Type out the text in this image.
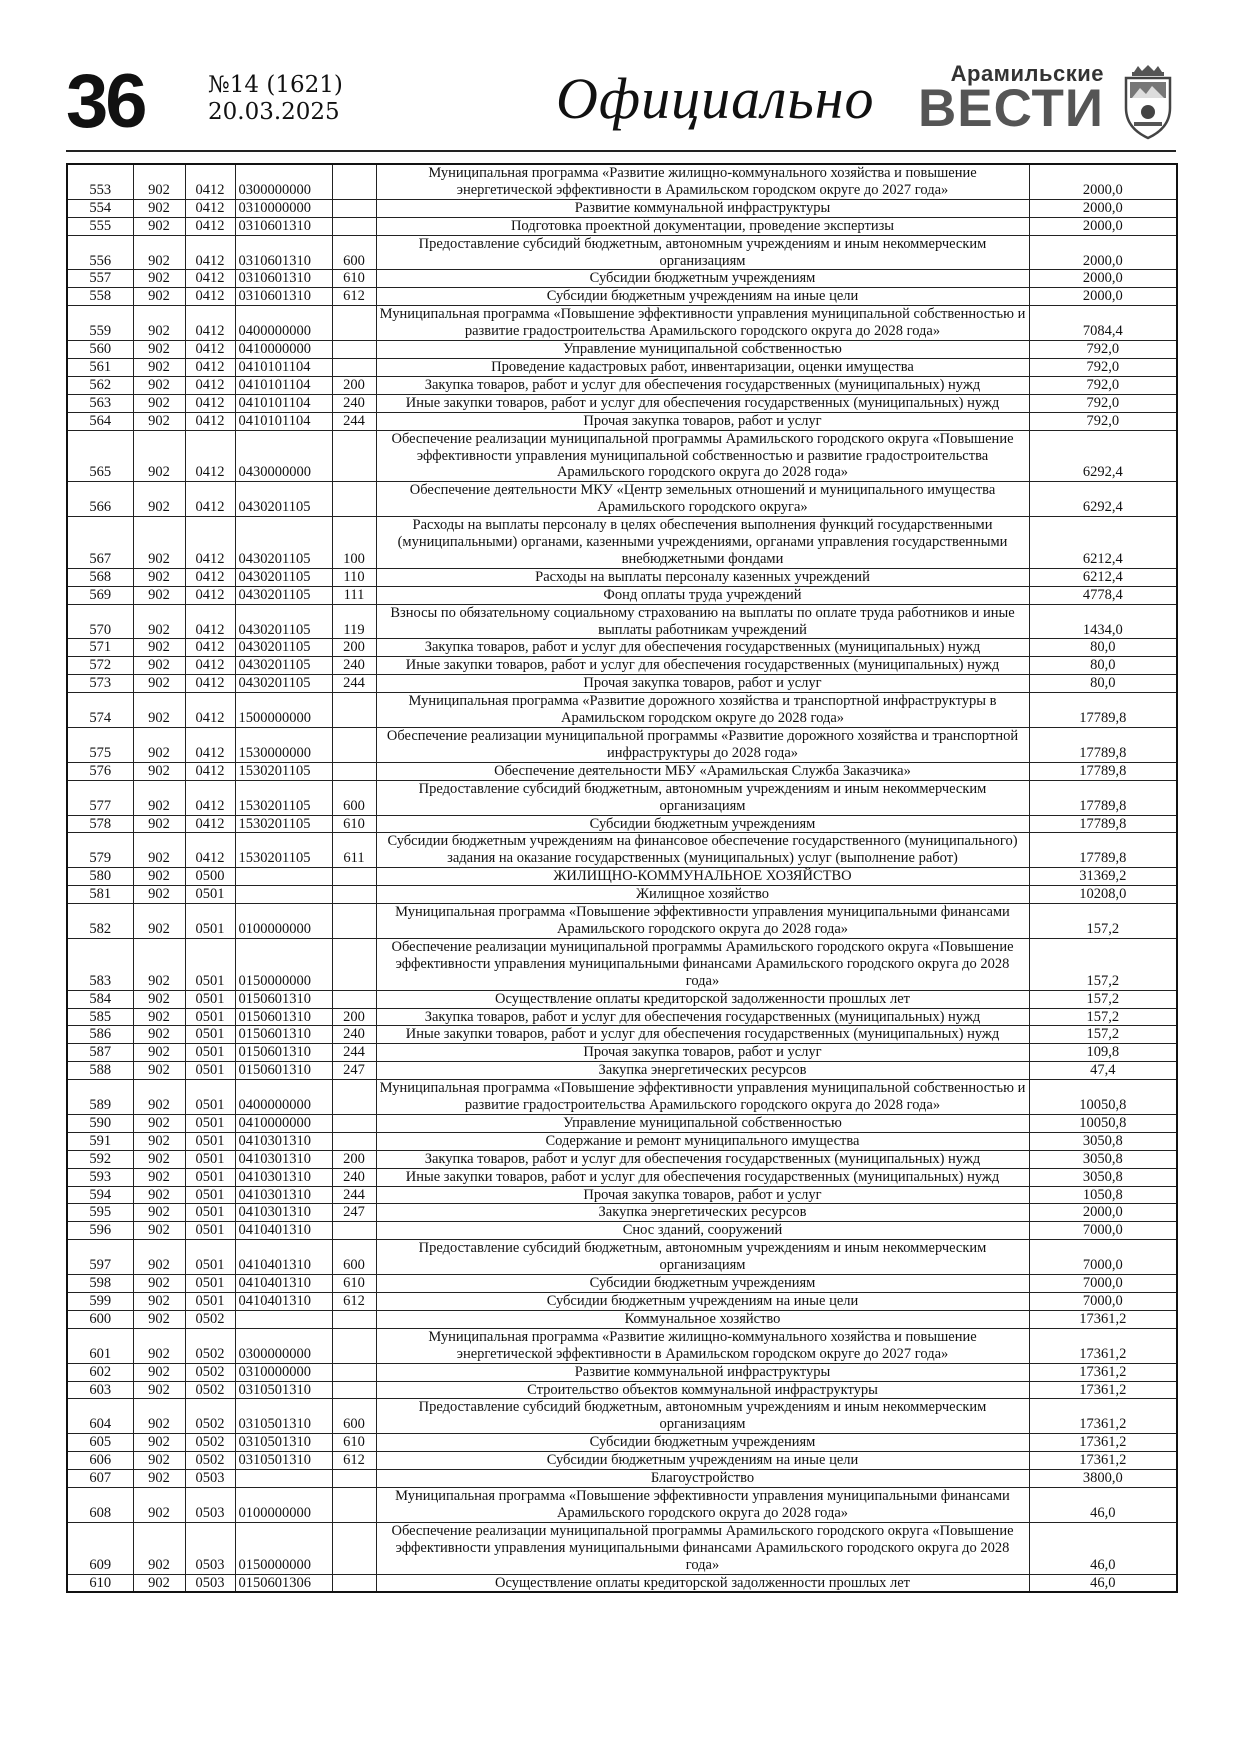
36	№14 (1621)
20.03.2025	Официально	Арамильские
ВЕСТИ
553	902	0412	0300000000		Муниципальная программа «Развитие жилищно-коммунального хозяйства и повышение энергетической эффективности в Арамильском городском округе до 2027 года»	2000,0
554	902	0412	0310000000		Развитие коммунальной инфраструктуры	2000,0
555	902	0412	0310601310		Подготовка проектной документации, проведение экспертизы	2000,0
556	902	0412	0310601310	600	Предоставление субсидий бюджетным, автономным учреждениям и иным некоммерческим организациям	2000,0
557	902	0412	0310601310	610	Субсидии бюджетным учреждениям	2000,0
558	902	0412	0310601310	612	Субсидии бюджетным учреждениям на иные цели	2000,0
559	902	0412	0400000000		Муниципальная программа «Повышение эффективности управления муниципальной собственностью и развитие градостроительства Арамильского городского округа до 2028 года»	7084,4
560	902	0412	0410000000		Управление муниципальной собственностью	792,0
561	902	0412	0410101104		Проведение кадастровых работ, инвентаризации, оценки имущества	792,0
562	902	0412	0410101104	200	Закупка товаров, работ и услуг для обеспечения государственных (муниципальных) нужд	792,0
563	902	0412	0410101104	240	Иные закупки товаров, работ и услуг для обеспечения государственных (муниципальных) нужд	792,0
564	902	0412	0410101104	244	Прочая закупка товаров, работ и услуг	792,0
565	902	0412	0430000000		Обеспечение реализации муниципальной программы Арамильского городского округа «Повышение эффективности управления муниципальной собственностью и развитие градостроительства Арамильского городского округа до 2028 года»	6292,4
566	902	0412	0430201105		Обеспечение деятельности МКУ «Центр земельных отношений и муниципального имущества Арамильского городского округа»	6292,4
567	902	0412	0430201105	100	Расходы на выплаты персоналу в целях обеспечения выполнения функций государственными (муниципальными) органами, казенными учреждениями, органами управления государственными внебюджетными фондами	6212,4
568	902	0412	0430201105	110	Расходы на выплаты персоналу казенных учреждений	6212,4
569	902	0412	0430201105	111	Фонд оплаты труда учреждений	4778,4
570	902	0412	0430201105	119	Взносы по обязательному социальному страхованию на выплаты по оплате труда работников и иные выплаты работникам учреждений	1434,0
571	902	0412	0430201105	200	Закупка товаров, работ и услуг для обеспечения государственных (муниципальных) нужд	80,0
572	902	0412	0430201105	240	Иные закупки товаров, работ и услуг для обеспечения государственных (муниципальных) нужд	80,0
573	902	0412	0430201105	244	Прочая закупка товаров, работ и услуг	80,0
574	902	0412	1500000000		Муниципальная программа «Развитие дорожного хозяйства и транспортной инфраструктуры в Арамильском городском округе до 2028 года»	17789,8
575	902	0412	1530000000		Обеспечение реализации муниципальной программы «Развитие дорожного хозяйства и транспортной инфраструктуры до 2028 года»	17789,8
576	902	0412	1530201105		Обеспечение деятельности МБУ «Арамильская Служба Заказчика»	17789,8
577	902	0412	1530201105	600	Предоставление субсидий бюджетным, автономным учреждениям и иным некоммерческим организациям	17789,8
578	902	0412	1530201105	610	Субсидии бюджетным учреждениям	17789,8
579	902	0412	1530201105	611	Субсидии бюджетным учреждениям на финансовое обеспечение государственного (муниципального) задания на оказание государственных (муниципальных) услуг (выполнение работ)	17789,8
580	902	0500			ЖИЛИЩНО-КОММУНАЛЬНОЕ ХОЗЯЙСТВО	31369,2
581	902	0501			Жилищное хозяйство	10208,0
582	902	0501	0100000000		Муниципальная программа «Повышение эффективности управления муниципальными финансами Арамильского городского округа до 2028 года»	157,2
583	902	0501	0150000000		Обеспечение реализации муниципальной программы Арамильского городского округа «Повышение эффективности управления муниципальными финансами Арамильского городского округа до 2028 года»	157,2
584	902	0501	0150601310		Осуществление оплаты кредиторской задолженности прошлых лет	157,2
585	902	0501	0150601310	200	Закупка товаров, работ и услуг для обеспечения государственных (муниципальных) нужд	157,2
586	902	0501	0150601310	240	Иные закупки товаров, работ и услуг для обеспечения государственных (муниципальных) нужд	157,2
587	902	0501	0150601310	244	Прочая закупка товаров, работ и услуг	109,8
588	902	0501	0150601310	247	Закупка энергетических ресурсов	47,4
589	902	0501	0400000000		Муниципальная программа «Повышение эффективности управления муниципальной собственностью и развитие градостроительства Арамильского городского округа до 2028 года»	10050,8
590	902	0501	0410000000		Управление муниципальной собственностью	10050,8
591	902	0501	0410301310		Содержание и ремонт муниципального имущества	3050,8
592	902	0501	0410301310	200	Закупка товаров, работ и услуг для обеспечения государственных (муниципальных) нужд	3050,8
593	902	0501	0410301310	240	Иные закупки товаров, работ и услуг для обеспечения государственных (муниципальных) нужд	3050,8
594	902	0501	0410301310	244	Прочая закупка товаров, работ и услуг	1050,8
595	902	0501	0410301310	247	Закупка энергетических ресурсов	2000,0
596	902	0501	0410401310		Снос зданий, сооружений	7000,0
597	902	0501	0410401310	600	Предоставление субсидий бюджетным, автономным учреждениям и иным некоммерческим организациям	7000,0
598	902	0501	0410401310	610	Субсидии бюджетным учреждениям	7000,0
599	902	0501	0410401310	612	Субсидии бюджетным учреждениям на иные цели	7000,0
600	902	0502			Коммунальное хозяйство	17361,2
601	902	0502	0300000000		Муниципальная программа «Развитие жилищно-коммунального хозяйства и повышение энергетической эффективности в Арамильском городском округе до 2027 года»	17361,2
602	902	0502	0310000000		Развитие коммунальной инфраструктуры	17361,2
603	902	0502	0310501310		Строительство объектов коммунальной инфраструктуры	17361,2
604	902	0502	0310501310	600	Предоставление субсидий бюджетным, автономным учреждениям и иным некоммерческим организациям	17361,2
605	902	0502	0310501310	610	Субсидии бюджетным учреждениям	17361,2
606	902	0502	0310501310	612	Субсидии бюджетным учреждениям на иные цели	17361,2
607	902	0503			Благоустройство	3800,0
608	902	0503	0100000000		Муниципальная программа «Повышение эффективности управления муниципальными финансами Арамильского городского округа до 2028 года»	46,0
609	902	0503	0150000000		Обеспечение реализации муниципальной программы Арамильского городского округа «Повышение эффективности управления муниципальными финансами Арамильского городского округа до 2028 года»	46,0
610	902	0503	0150601306		Осуществление оплаты кредиторской задолженности прошлых лет	46,0
